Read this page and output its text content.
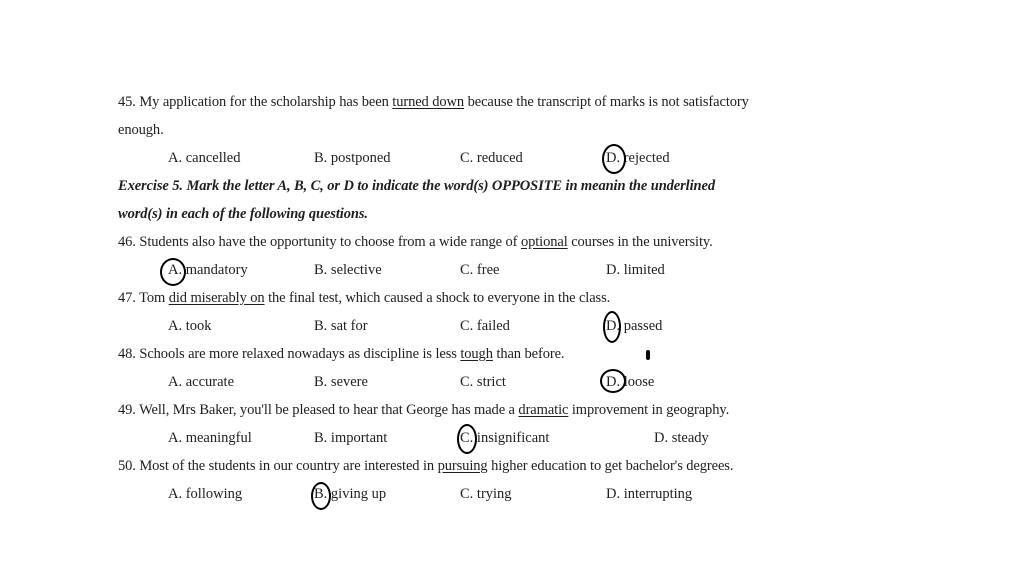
45. My application for the scholarship has been turned down because the transcript of marks is not satisfactory
enough.
A. cancelled	B. postponed	C. reduced	D. rejected
Exercise 5. Mark the letter A, B, C, or D to indicate the word(s) OPPOSITE in meanin the underlined
word(s) in each of the following questions.
46. Students also have the opportunity to choose from a wide range of optional courses in the university.
A. mandatory	B. selective	C. free	D. limited
47. Tom did miserably on the final test, which caused a shock to everyone in the class.
A. took	B. sat for	C. failed	D. passed
48. Schools are more relaxed nowadays as discipline is less tough than before.
A. accurate	B. severe	C. strict	D. loose
49. Well, Mrs Baker, you'll be pleased to hear that George has made a dramatic improvement in geography.
A. meaningful	B. important	C. insignificant	D. steady
50. Most of the students in our country are interested in pursuing higher education to get bachelor's degrees.
A. following	B. giving up	C. trying	D. interrupting
